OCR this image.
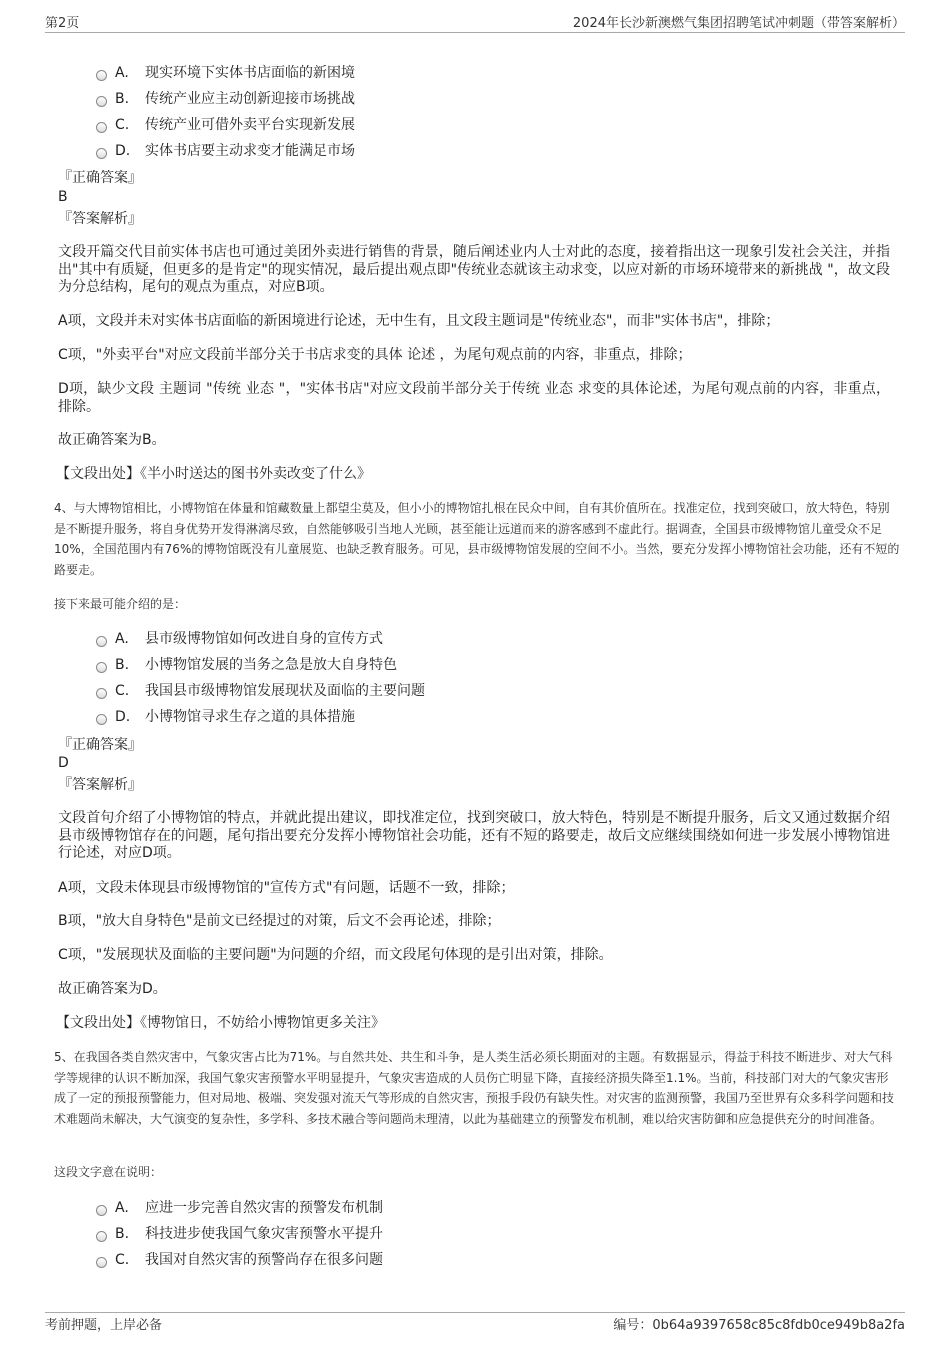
第2页	2024年长沙新澳燃气集团招聘笔试冲刺题（带答案解析）
A.	现实环境下实体书店面临的新困境
B.	传统产业应主动创新迎接市场挑战
C.	传统产业可借外卖平台实现新发展
D.	实体书店要主动求变才能满足市场
『正确答案』
B
『答案解析』
文段开篇交代目前实体书店也可通过美团外卖进行销售的背景，随后阐述业内人士对此的态度，接着指出这一现象引发社会关注，并指出"其中有质疑，但更多的是肯定"的现实情况，最后提出观点即"传统业态就该主动求变，以应对新的市场环境带来的新挑战 "，故文段为分总结构，尾句的观点为重点，对应B项。
A项，文段并未对实体书店面临的新困境进行论述，无中生有，且文段主题词是"传统业态"，而非"实体书店"，排除；
C项，"外卖平台"对应文段前半部分关于书店求变的具体 论述 ，为尾句观点前的内容，非重点，排除；
D项，缺少文段 主题词 "传统 业态 "，"实体书店"对应文段前半部分关于传统 业态 求变的具体论述，为尾句观点前的内容，非重点，排除。
故正确答案为B。
【文段出处】《半小时送达的图书外卖改变了什么》
4、与大博物馆相比，小博物馆在体量和馆藏数量上都望尘莫及，但小小的博物馆扎根在民众中间，自有其价值所在。找准定位，找到突破口，放大特色，特别是不断提升服务，将自身优势开发得淋漓尽致，自然能够吸引当地人光顾，甚至能让远道而来的游客感到不虚此行。据调查，全国县市级博物馆儿童受众不足10%，全国范围内有76%的博物馆既没有儿童展览、也缺乏教育服务。可见，县市级博物馆发展的空间不小。当然，要充分发挥小博物馆社会功能，还有不短的路要走。
接下来最可能介绍的是：
A.	县市级博物馆如何改进自身的宣传方式
B.	小博物馆发展的当务之急是放大自身特色
C.	我国县市级博物馆发展现状及面临的主要问题
D.	小博物馆寻求生存之道的具体措施
『正确答案』
D
『答案解析』
文段首句介绍了小博物馆的特点，并就此提出建议，即找准定位，找到突破口，放大特色，特别是不断提升服务，后文又通过数据介绍县市级博物馆存在的问题，尾句指出要充分发挥小博物馆社会功能，还有不短的路要走，故后文应继续围绕如何进一步发展小博物馆进行论述，对应D项。
A项，文段未体现县市级博物馆的"宣传方式"有问题，话题不一致，排除；
B项，"放大自身特色"是前文已经提过的对策，后文不会再论述，排除；
C项，"发展现状及面临的主要问题"为问题的介绍，而文段尾句体现的是引出对策，排除。
故正确答案为D。
【文段出处】《博物馆日，不妨给小博物馆更多关注》
5、在我国各类自然灾害中，气象灾害占比为71%。与自然共处、共生和斗争，是人类生活必须长期面对的主题。有数据显示，得益于科技不断进步、对大气科学等规律的认识不断加深，我国气象灾害预警水平明显提升，气象灾害造成的人员伤亡明显下降，直接经济损失降至1.1%。当前，科技部门对大的气象灾害形成了一定的预报预警能力，但对局地、极端、突发强对流天气等形成的自然灾害，预报手段仍有缺失性。对灾害的监测预警，我国乃至世界有众多科学问题和技术难题尚未解决，大气演变的复杂性，多学科、多技术融合等问题尚未理清，以此为基础建立的预警发布机制，难以给灾害防御和应急提供充分的时间准备。
这段文字意在说明：
A.	应进一步完善自然灾害的预警发布机制
B.	科技进步使我国气象灾害预警水平提升
C.	我国对自然灾害的预警尚存在很多问题
考前押题，上岸必备	编号：0b64a9397658c85c8fdb0ce949b8a2fa
